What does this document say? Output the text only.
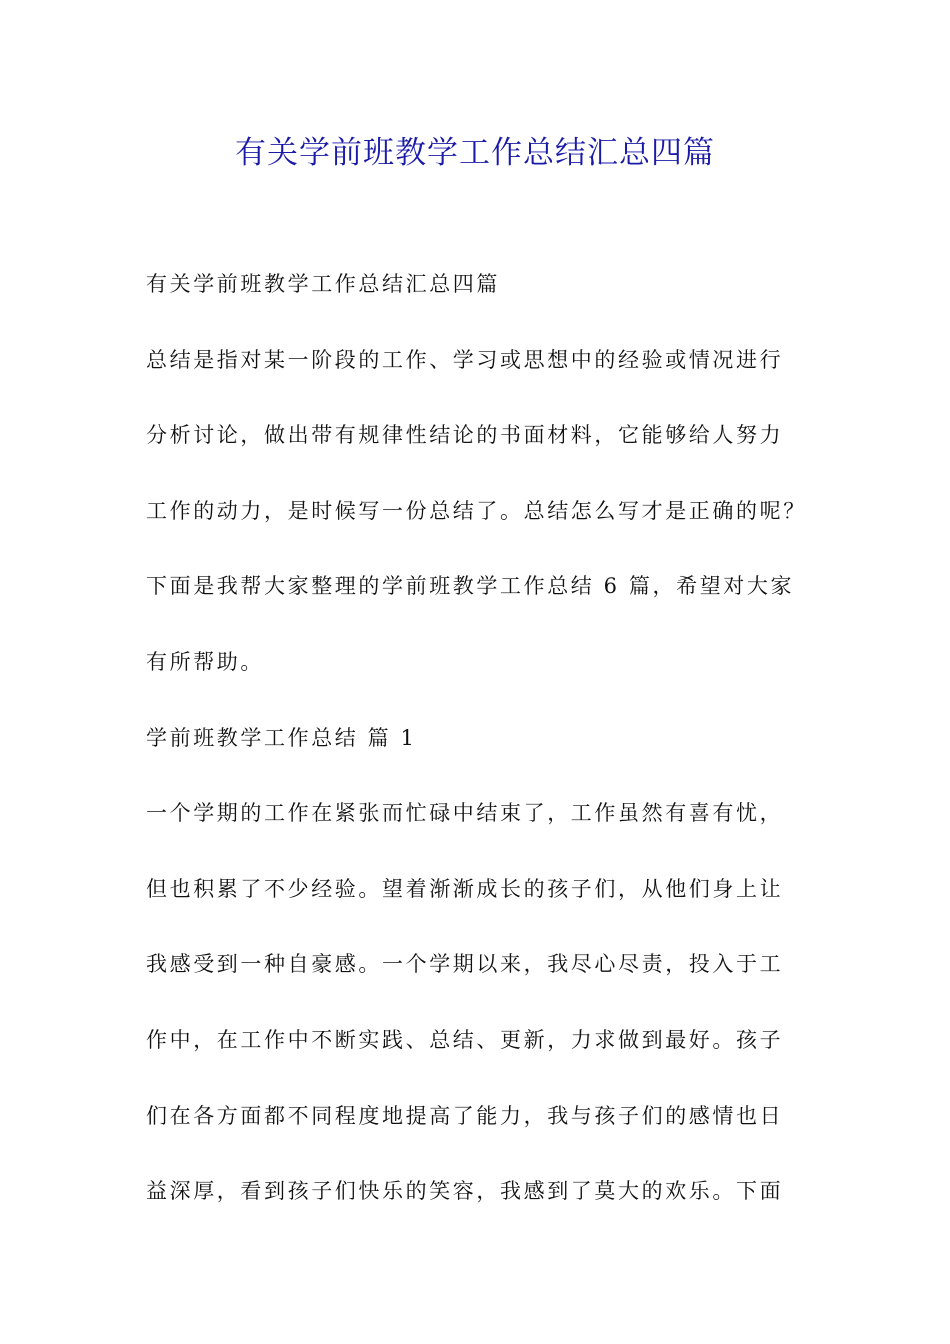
有关学前班教学工作总结汇总四篇
有关学前班教学工作总结汇总四篇
总结是指对某一阶段的工作、学习或思想中的经验或情况进行
分析讨论，做出带有规律性结论的书面材料，它能够给人努力
工作的动力，是时候写一份总结了。总结怎么写才是正确的呢？
下面是我帮大家整理的学前班教学工作总结 6 篇，希望对大家
有所帮助。
学前班教学工作总结 篇 1
一个学期的工作在紧张而忙碌中结束了，工作虽然有喜有忧，
但也积累了不少经验。望着渐渐成长的孩子们，从他们身上让
我感受到一种自豪感。一个学期以来，我尽心尽责，投入于工
作中，在工作中不断实践、总结、更新，力求做到最好。孩子
们在各方面都不同程度地提高了能力，我与孩子们的感情也日
益深厚，看到孩子们快乐的笑容，我感到了莫大的欢乐。下面
